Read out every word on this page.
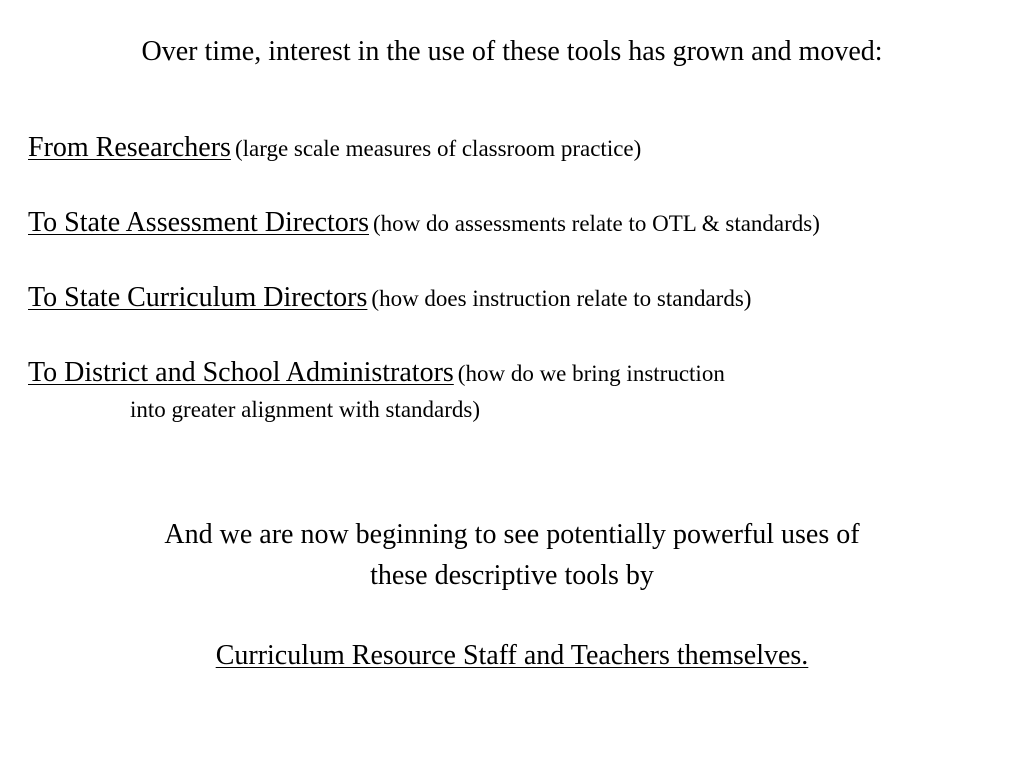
Over time, interest in the use of these tools has grown and moved:
From Researchers (large scale measures of classroom practice)
To State Assessment Directors (how do assessments relate to OTL & standards)
To State Curriculum Directors (how does instruction relate to standards)
To District and School Administrators (how do we bring instruction
into greater alignment with standards)
And we are now beginning to see potentially powerful uses of
these descriptive tools by
Curriculum Resource Staff and Teachers themselves.
